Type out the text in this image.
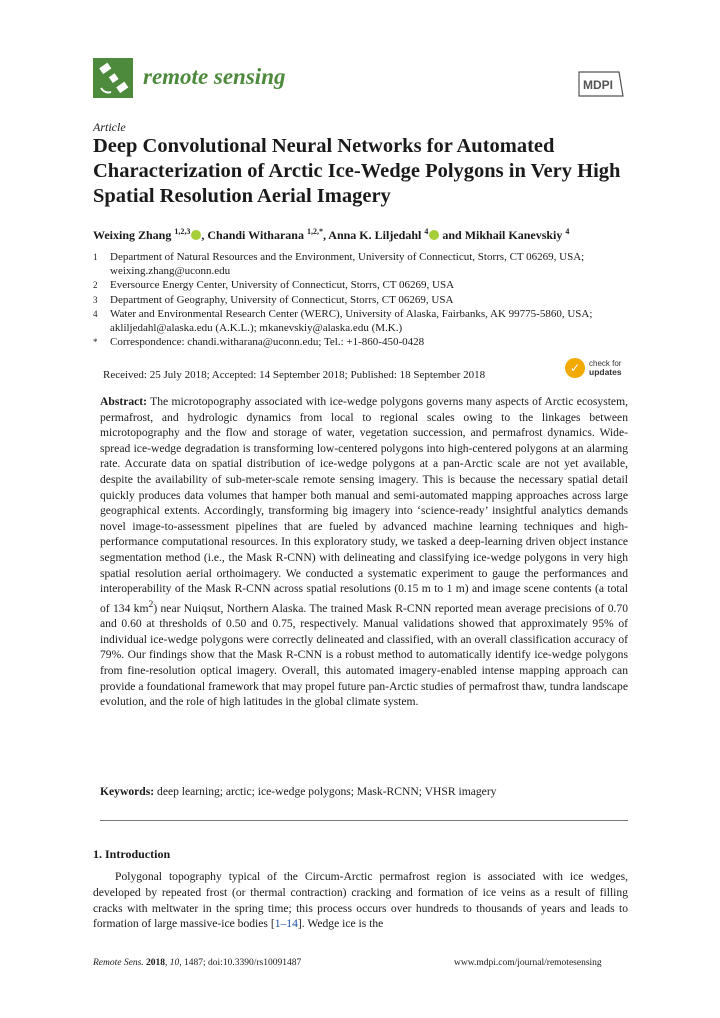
remote sensing	MDPI
Article
Deep Convolutional Neural Networks for Automated Characterization of Arctic Ice-Wedge Polygons in Very High Spatial Resolution Aerial Imagery
Weixing Zhang $^{1,2,3}$ , Chandi Witharana $^{1,2,*}$, Anna K. Liljedahl $^4$ and Mikhail Kanevskiy $^4$
1	Department of Natural Resources and the Environment, University of Connecticut, Storrs, CT 06269, USA; weixing.zhang@uconn.edu
2	Eversource Energy Center, University of Connecticut, Storrs, CT 06269, USA
3	Department of Geography, University of Connecticut, Storrs, CT 06269, USA
4	Water and Environmental Research Center (WERC), University of Alaska, Fairbanks, AK 99775-5860, USA; akliljedahl@alaska.edu (A.K.L.); mkanevskiy@alaska.edu (M.K.)
*	Correspondence: chandi.witharana@uconn.edu; Tel.: +1-860-450-0428
Received: 25 July 2018; Accepted: 14 September 2018; Published: 18 September 2018	✓	check for
updates

Abstract: The microtopography associated with ice-wedge polygons governs many aspects of Arctic ecosystem, permafrost, and hydrologic dynamics from local to regional scales owing to the linkages between microtopography and the flow and storage of water, vegetation succession, and permafrost dynamics. Wide-spread ice-wedge degradation is transforming low-centered polygons into high-centered polygons at an alarming rate. Accurate data on spatial distribution of ice-wedge polygons at a pan-Arctic scale are not yet available, despite the availability of sub-meter-scale remote sensing imagery. This is because the necessary spatial detail quickly produces data volumes that hamper both manual and semi-automated mapping approaches across large geographical extents. Accordingly, transforming big imagery into ‘science-ready’ insightful analytics demands novel image-to-assessment pipelines that are fueled by advanced machine learning techniques and high-performance computational resources. In this exploratory study, we tasked a deep-learning driven object instance segmentation method (i.e., the Mask R-CNN) with delineating and classifying ice-wedge polygons in very high spatial resolution aerial orthoimagery. We conducted a systematic experiment to gauge the performances and interoperability of the Mask R-CNN across spatial resolutions (0.15 m to 1 m) and image scene contents (a total of 134 $km^2$) near Nuiqsut, Northern Alaska. The trained Mask R-CNN reported mean average precisions of 0.70 and 0.60 at thresholds of 0.50 and 0.75, respectively. Manual validations showed that approximately 95% of individual ice-wedge polygons were correctly delineated and classified, with an overall classification accuracy of 79%. Our findings show that the Mask R-CNN is a robust method to automatically identify ice-wedge polygons from fine-resolution optical imagery. Overall, this automated imagery-enabled intense mapping approach can provide a foundational framework that may propel future pan-Arctic studies of permafrost thaw, tundra landscape evolution, and the role of high latitudes in the global climate system.

Keywords: deep learning; arctic; ice-wedge polygons; Mask-RCNN; VHSR imagery
1. Introduction

Polygonal topography typical of the Circum-Arctic permafrost region is associated with ice wedges, developed by repeated frost (or thermal contraction) cracking and formation of ice veins as a result of filling cracks with meltwater in the spring time; this process occurs over hundreds to thousands of years and leads to formation of large massive-ice bodies [1–14]. Wedge ice is the

Remote Sens. 2018, 10, 1487; doi:10.3390/rs10091487	www.mdpi.com/journal/remotesensing
